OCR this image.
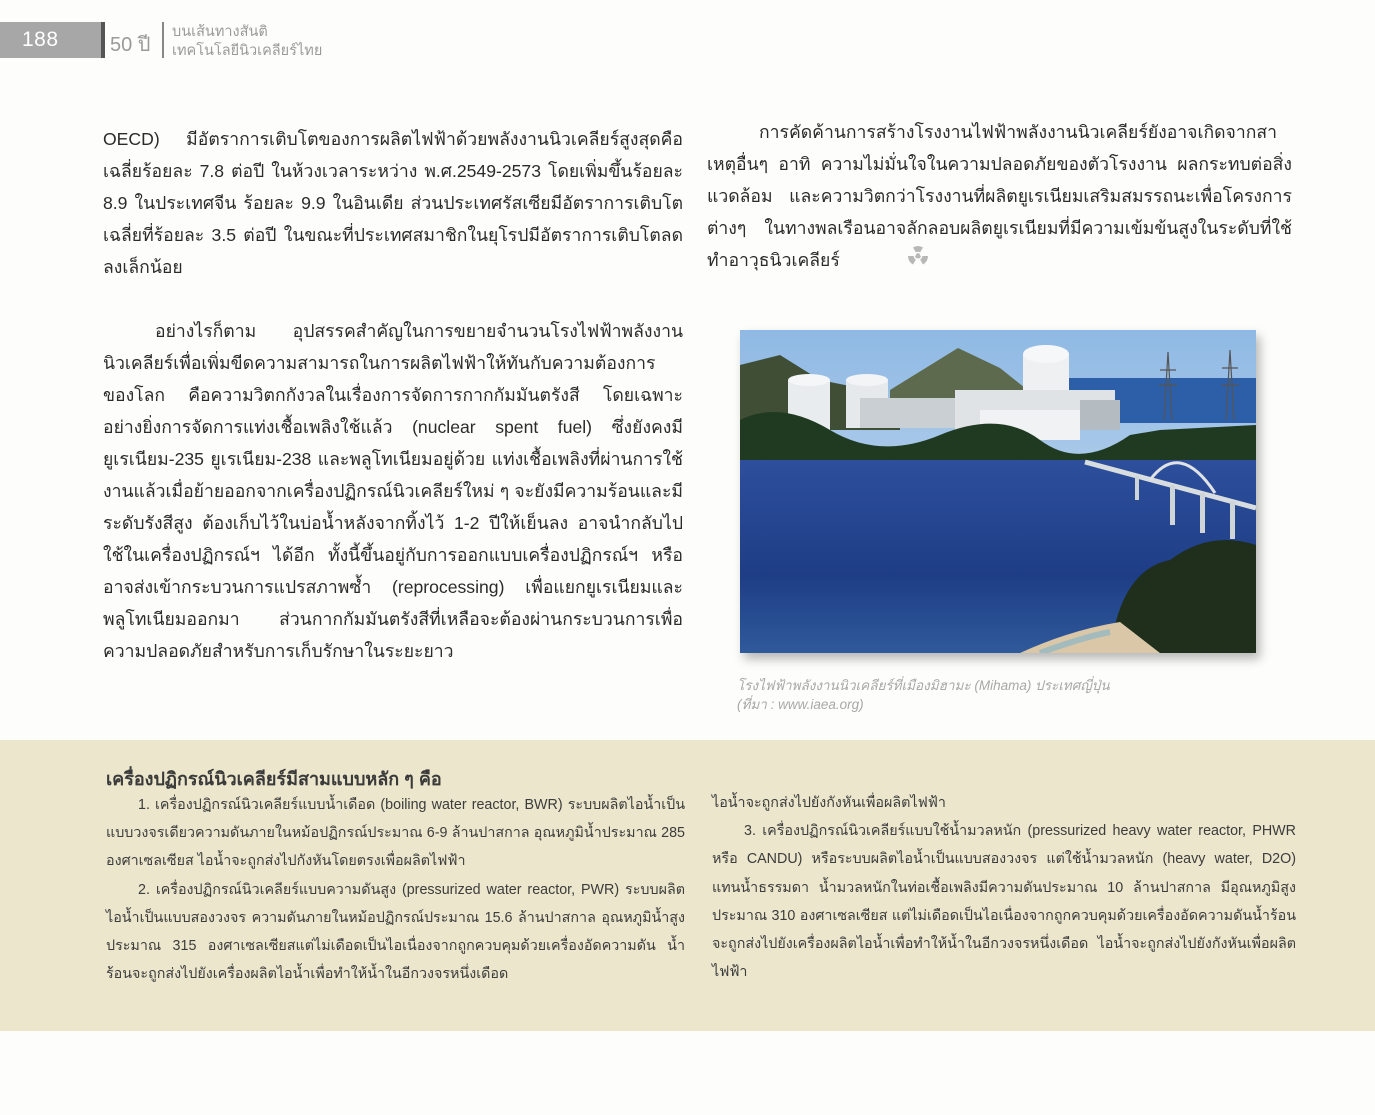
188	50 ปี
บนเส้นทางสันติ
เทคโนโลยีนิวเคลียร์ไทย

OECD) มีอัตราการเติบโตของการผลิตไฟฟ้าด้วยพลังงานนิวเคลียร์สูงสุดคือเฉลี่ยร้อยละ 7.8 ต่อปี ในห้วงเวลาระหว่าง พ.ศ.2549-2573 โดยเพิ่มขึ้นร้อยละ 8.9 ในประเทศจีน ร้อยละ 9.9 ในอินเดีย ส่วนประเทศรัสเซียมีอัตราการเติบโตเฉลี่ยที่ร้อยละ 3.5 ต่อปี ในขณะที่ประเทศสมาชิกในยุโรปมีอัตราการเติบโตลดลงเล็กน้อย

อย่างไรก็ตาม อุปสรรคสำคัญในการขยายจำนวนโรงไฟฟ้าพลังงานนิวเคลียร์เพื่อเพิ่มขีดความสามารถในการผลิตไฟฟ้าให้ทันกับความต้องการของโลก คือความวิตกกังวลในเรื่องการจัดการกากกัมมันตรังสี โดยเฉพาะอย่างยิ่งการจัดการแท่งเชื้อเพลิงใช้แล้ว (nuclear spent fuel) ซึ่งยังคงมียูเรเนียม-235 ยูเรเนียม-238 และพลูโทเนียมอยู่ด้วย แท่งเชื้อเพลิงที่ผ่านการใช้งานแล้วเมื่อย้ายออกจากเครื่องปฏิกรณ์นิวเคลียร์ใหม่ ๆ จะยังมีความร้อนและมีระดับรังสีสูง ต้องเก็บไว้ในบ่อน้ำหลังจากทิ้งไว้ 1-2 ปีให้เย็นลง อาจนำกลับไปใช้ในเครื่องปฏิกรณ์ฯ ได้อีก ทั้งนี้ขึ้นอยู่กับการออกแบบเครื่องปฏิกรณ์ฯ หรืออาจส่งเข้ากระบวนการแปรสภาพซ้ำ (reprocessing) เพื่อแยกยูเรเนียมและพลูโทเนียมออกมา ส่วนกากกัมมันตรังสีที่เหลือจะต้องผ่านกระบวนการเพื่อความปลอดภัยสำหรับการเก็บรักษาในระยะยาว

การคัดค้านการสร้างโรงงานไฟฟ้าพลังงานนิวเคลียร์ยังอาจเกิดจากสาเหตุอื่นๆ อาทิ ความไม่มั่นใจในความปลอดภัยของตัวโรงงาน ผลกระทบต่อสิ่งแวดล้อม และความวิตกว่าโรงงานที่ผลิตยูเรเนียมเสริมสมรรถนะเพื่อโครงการต่างๆ ในทางพลเรือนอาจลักลอบผลิตยูเรเนียมที่มีความเข้มข้นสูงในระดับที่ใช้ทำอาวุธนิวเคลียร์

โรงไฟฟ้าพลังงานนิวเคลียร์ที่เมืองมิฮามะ (Mihama) ประเทศญี่ปุ่น
(ที่มา : www.iaea.org)
เครื่องปฏิกรณ์นิวเคลียร์มีสามแบบหลัก ๆ คือ

1. เครื่องปฏิกรณ์นิวเคลียร์แบบน้ำเดือด (boiling water reactor, BWR) ระบบผลิตไอน้ำเป็นแบบวงจรเดียวความดันภายในหม้อปฏิกรณ์ประมาณ 6-9 ล้านปาสกาล อุณหภูมิน้ำประมาณ 285 องศาเซลเซียส ไอน้ำจะถูกส่งไปกังหันโดยตรงเพื่อผลิตไฟฟ้า

2. เครื่องปฏิกรณ์นิวเคลียร์แบบความดันสูง (pressurized water reactor, PWR) ระบบผลิตไอน้ำเป็นแบบสองวงจร ความดันภายในหม้อปฏิกรณ์ประมาณ 15.6 ล้านปาสกาล อุณหภูมิน้ำสูง ประมาณ 315 องศาเซลเซียสแต่ไม่เดือดเป็นไอเนื่องจากถูกควบคุมด้วยเครื่องอัดความดัน น้ำร้อนจะถูกส่งไปยังเครื่องผลิตไอน้ำเพื่อทำให้น้ำในอีกวงจรหนึ่งเดือด

ไอน้ำจะถูกส่งไปยังกังหันเพื่อผลิตไฟฟ้า

3. เครื่องปฏิกรณ์นิวเคลียร์แบบใช้น้ำมวลหนัก (pressurized heavy water reactor, PHWR หรือ CANDU) หรือระบบผลิตไอน้ำเป็นแบบสองวงจร แต่ใช้น้ำมวลหนัก (heavy water, D2O) แทนน้ำธรรมดา น้ำมวลหนักในท่อเชื้อเพลิงมีความดันประมาณ 10 ล้านปาสกาล มีอุณหภูมิสูงประมาณ 310 องศาเซลเซียส แต่ไม่เดือดเป็นไอเนื่องจากถูกควบคุมด้วยเครื่องอัดความดันน้ำร้อน จะถูกส่งไปยังเครื่องผลิตไอน้ำเพื่อทำให้น้ำในอีกวงจรหนึ่งเดือด ไอน้ำจะถูกส่งไปยังกังหันเพื่อผลิตไฟฟ้า
